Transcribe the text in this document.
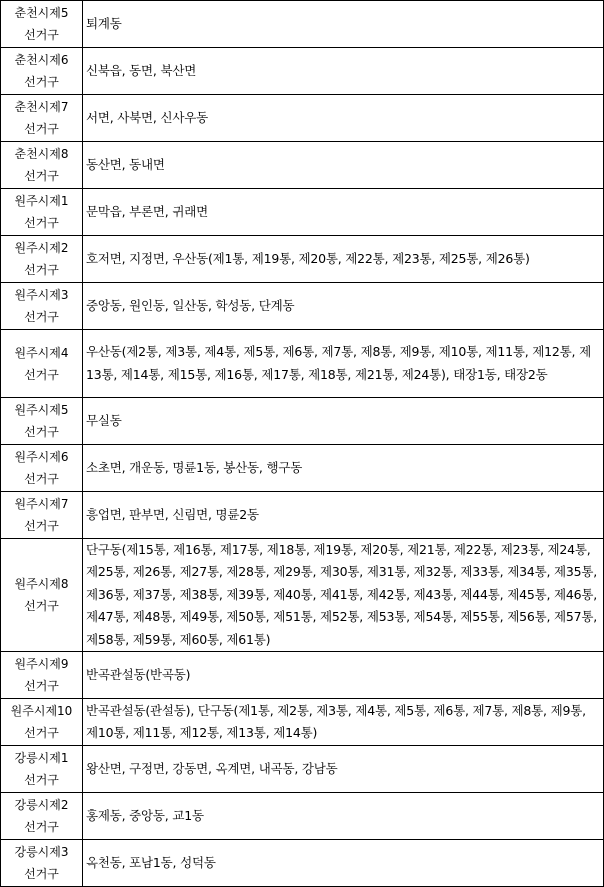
춘천시제5
선거구	퇴계동
춘천시제6
선거구	신북읍, 동면, 북산면
춘천시제7
선거구	서면, 사북면, 신사우동
춘천시제8
선거구	동산면, 동내면
원주시제1
선거구	문막읍, 부론면, 귀래면
원주시제2
선거구	호저면, 지정면, 우산동(제1통, 제19통, 제20통, 제22통, 제23통, 제25통, 제26통)
원주시제3
선거구	중앙동, 원인동, 일산동, 학성동, 단계동
원주시제4
선거구	우산동(제2통, 제3통, 제4통, 제5통, 제6통, 제7통, 제8통, 제9통, 제10통, 제11통, 제12통, 제13통, 제14통, 제15통, 제16통, 제17통, 제18통, 제21통, 제24통), 태장1동, 태장2동
원주시제5
선거구	무실동
원주시제6
선거구	소초면, 개운동, 명륜1동, 봉산동, 행구동
원주시제7
선거구	흥업면, 판부면, 신림면, 명륜2동
원주시제8
선거구	단구동(제15통, 제16통, 제17통, 제18통, 제19통, 제20통, 제21통, 제22통, 제23통, 제24통, 제25통, 제26통, 제27통, 제28통, 제29통, 제30통, 제31통, 제32통, 제33통, 제34통, 제35통, 제36통, 제37통, 제38통, 제39통, 제40통, 제41통, 제42통, 제43통, 제44통, 제45통, 제46통, 제47통, 제48통, 제49통, 제50통, 제51통, 제52통, 제53통, 제54통, 제55통, 제56통, 제57통, 제58통, 제59통, 제60통, 제61통)
원주시제9
선거구	반곡관설동(반곡동)
원주시제10
선거구	반곡관설동(관설동), 단구동(제1통, 제2통, 제3통, 제4통, 제5통, 제6통, 제7통, 제8통, 제9통, 제10통, 제11통, 제12통, 제13통, 제14통)
강릉시제1
선거구	왕산면, 구정면, 강동면, 옥계면, 내곡동, 강남동
강릉시제2
선거구	홍제동, 중앙동, 교1동
강릉시제3
선거구	옥천동, 포남1동, 성덕동
